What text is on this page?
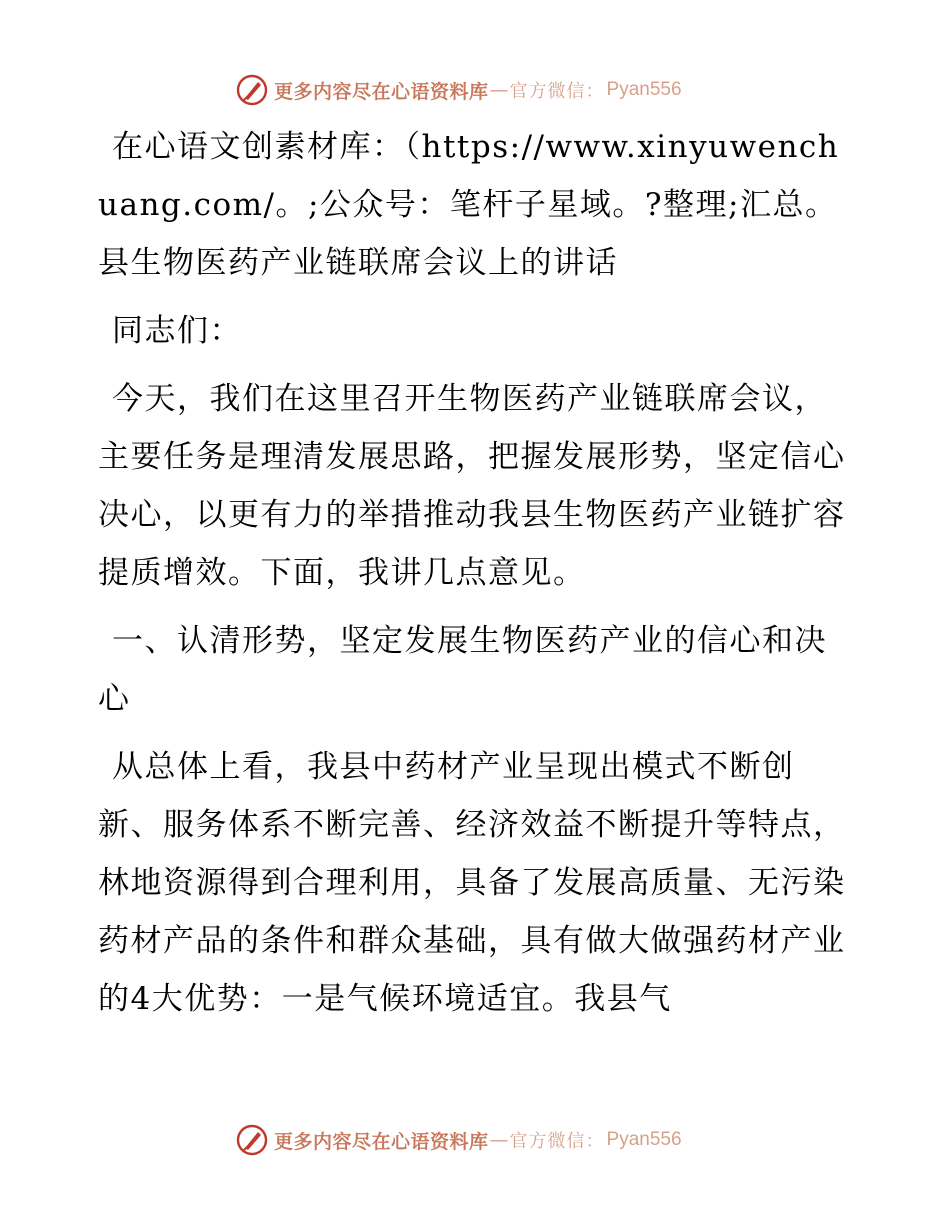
更多内容尽在心语资料库 — 官方微信： Pyan556

在心语文创素材库：（https://www.xinyuwenchuang.com/。;公众号：笔杆子星域。?整理;汇总。县生物医药产业链联席会议上的讲话

同志们：

今天，我们在这里召开生物医药产业链联席会议，主要任务是理清发展思路，把握发展形势，坚定信心决心，以更有力的举措推动我县生物医药产业链扩容提质增效。下面，我讲几点意见。

一、认清形势，坚定发展生物医药产业的信心和决心

从总体上看，我县中药材产业呈现出模式不断创新、服务体系不断完善、经济效益不断提升等特点，林地资源得到合理利用，具备了发展高质量、无污染药材产品的条件和群众基础，具有做大做强药材产业的4大优势：一是气候环境适宜。我县气

更多内容尽在心语资料库 — 官方微信： Pyan556
